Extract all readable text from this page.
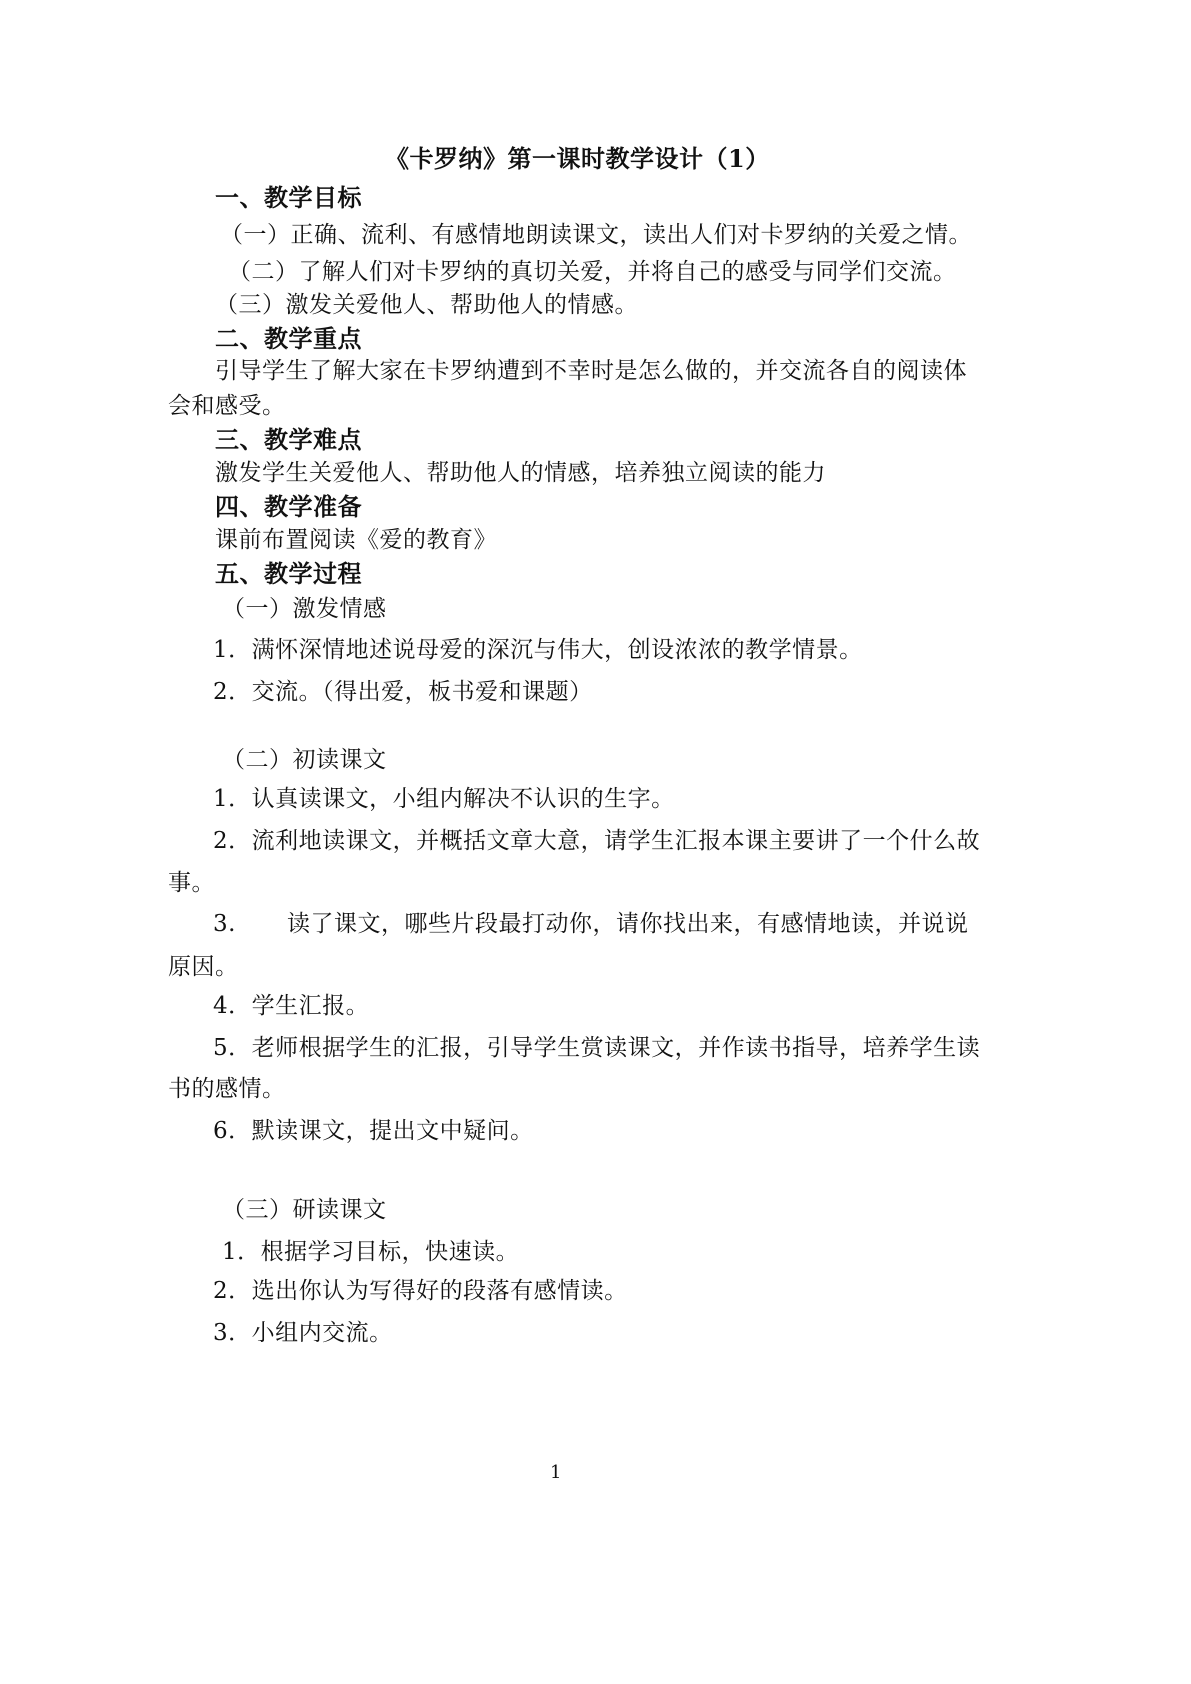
《卡罗纳》第一课时教学设计（1）
一、教学目标
（一）正确、流利、有感情地朗读课文，读出人们对卡罗纳的关爱之情。
（二）了解人们对卡罗纳的真切关爱，并将自己的感受与同学们交流。
（三）激发关爱他人、帮助他人的情感。
二、教学重点
引导学生了解大家在卡罗纳遭到不幸时是怎么做的，并交流各自的阅读体
会和感受。
三、教学难点
激发学生关爱他人、帮助他人的情感，培养独立阅读的能力
四、教学准备
课前布置阅读《爱的教育》
五、教学过程
（一）激发情感
1．满怀深情地述说母爱的深沉与伟大，创设浓浓的教学情景。
2．交流。（得出爱，板书爱和课题）
（二）初读课文
1．认真读课文，小组内解决不认识的生字。
2．流利地读课文，并概括文章大意，请学生汇报本课主要讲了一个什么故
事。
3. 读了课文，哪些片段最打动你，请你找出来，有感情地读，并说说
原因。
4．学生汇报。
5．老师根据学生的汇报，引导学生赏读课文，并作读书指导，培养学生读
书的感情。
6．默读课文，提出文中疑问。
（三）研读课文
1．根据学习目标，快速读。
2．选出你认为写得好的段落有感情读。
3．小组内交流。
1
